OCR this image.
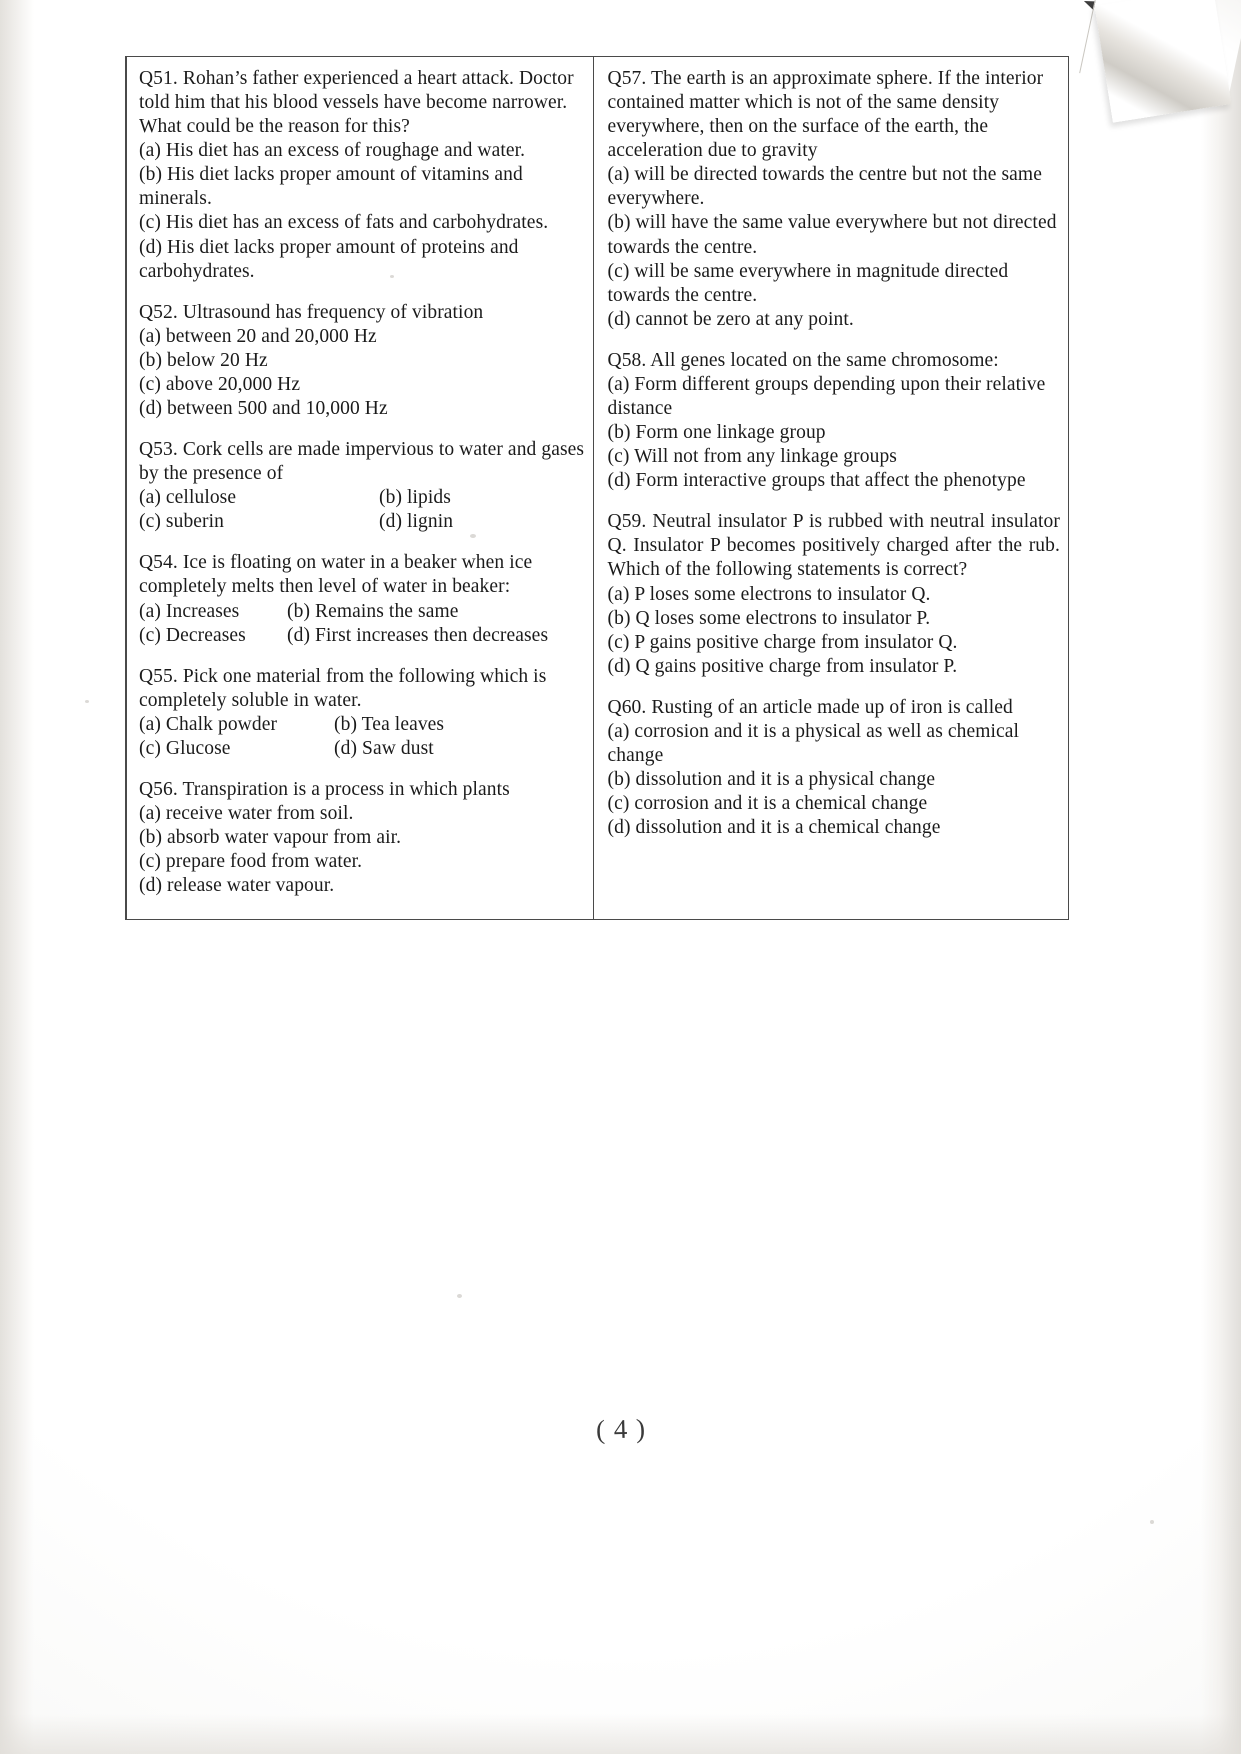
Q51. Rohan’s father experienced a heart attack. Doctor told him that his blood vessels have become narrower. What could be the reason for this?

(a) His diet has an excess of roughage and water.

(b) His diet lacks proper amount of vitamins and minerals.

(c) His diet has an excess of fats and carbohydrates.

(d) His diet lacks proper amount of proteins and carbohydrates.

Q52. Ultrasound has frequency of vibration

(a) between 20 and 20,000 Hz

(b) below 20 Hz

(c) above 20,000 Hz

(d) between 500 and 10,000 Hz

Q53. Cork cells are made impervious to water and gases by the presence of

(a) cellulose	(b) lipids

(c) suberin	(d) lignin

Q54. Ice is floating on water in a beaker when ice completely melts then level of water in beaker:

(a) Increases	(b) Remains the same

(c) Decreases	(d) First increases then decreases

Q55. Pick one material from the following which is completely soluble in water.

(a) Chalk powder	(b) Tea leaves

(c) Glucose	(d) Saw dust

Q56. Transpiration is a process in which plants

(a) receive water from soil.

(b) absorb water vapour from air.

(c) prepare food from water.

(d) release water vapour.

Q57. The earth is an approximate sphere. If the interior contained matter which is not of the same density everywhere, then on the surface of the earth, the acceleration due to gravity

(a) will be directed towards the centre but not the same everywhere.

(b) will have the same value everywhere but not directed towards the centre.

(c) will be same everywhere in magnitude directed towards the centre.

(d) cannot be zero at any point.

Q58. All genes located on the same chromosome:

(a) Form different groups depending upon their relative distance

(b) Form one linkage group

(c) Will not from any linkage groups

(d) Form interactive groups that affect the phenotype

Q59. Neutral insulator P is rubbed with neutral insulator Q. Insulator P becomes positively charged after the rub. Which of the following statements is correct?

(a) P loses some electrons to insulator Q.

(b) Q loses some electrons to insulator P.

(c) P gains positive charge from insulator Q.

(d) Q gains positive charge from insulator P.

Q60. Rusting of an article made up of iron is called

(a) corrosion and it is a physical as well as chemical change

(b) dissolution and it is a physical change

(c) corrosion and it is a chemical change

(d) dissolution and it is a chemical change

( 4 )
